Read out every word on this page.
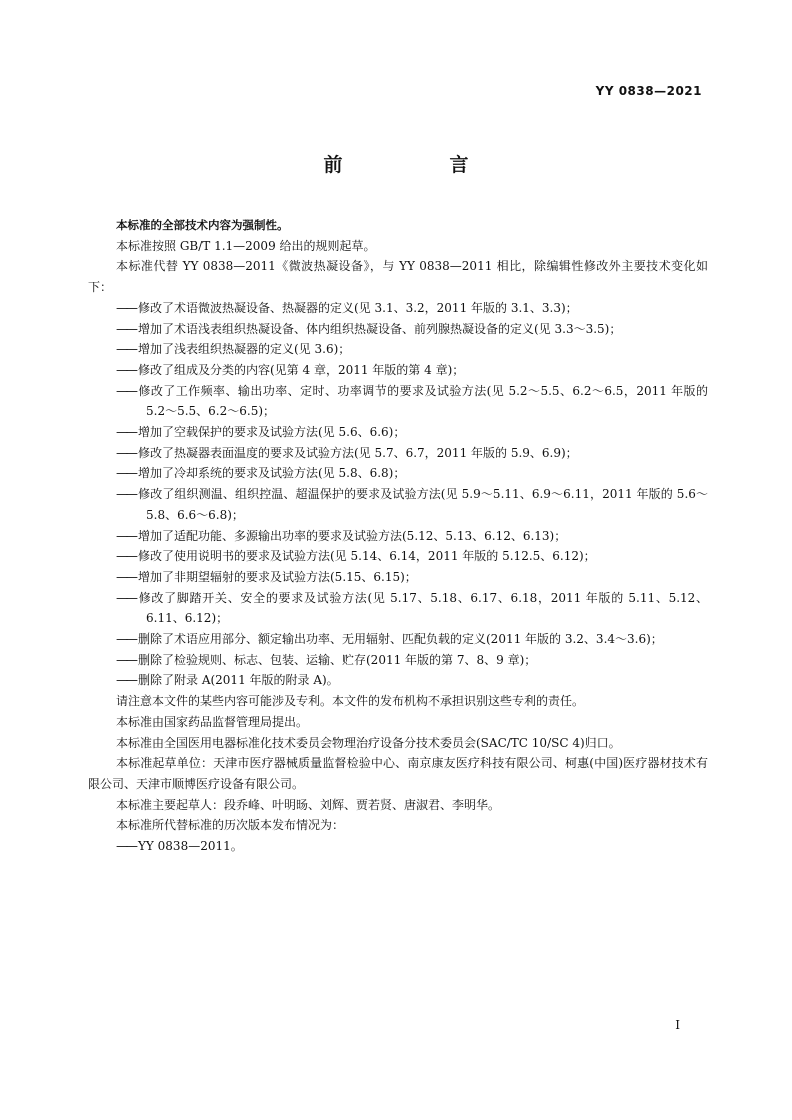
YY 0838—2021
前　言

本标准的全部技术内容为强制性。

本标准按照 GB/T 1.1—2009 给出的规则起草。

本标准代替 YY 0838—2011《微波热凝设备》，与 YY 0838—2011 相比，除编辑性修改外主要技术变化如下：

—— 修改了术语微波热凝设备、热凝器的定义(见 3.1、3.2，2011 年版的 3.1、3.3)；

—— 增加了术语浅表组织热凝设备、体内组织热凝设备、前列腺热凝设备的定义(见 3.3～3.5)；

—— 增加了浅表组织热凝器的定义(见 3.6)；

—— 修改了组成及分类的内容(见第 4 章，2011 年版的第 4 章)；

—— 修改了工作频率、输出功率、定时、功率调节的要求及试验方法(见 5.2～5.5、6.2～6.5，2011 年版的 5.2～5.5、6.2～6.5)；

—— 增加了空载保护的要求及试验方法(见 5.6、6.6)；

—— 修改了热凝器表面温度的要求及试验方法(见 5.7、6.7，2011 年版的 5.9、6.9)；

—— 增加了冷却系统的要求及试验方法(见 5.8、6.8)；

—— 修改了组织测温、组织控温、超温保护的要求及试验方法(见 5.9～5.11、6.9～6.11，2011 年版的 5.6～5.8、6.6～6.8)；

—— 增加了适配功能、多源输出功率的要求及试验方法(5.12、5.13、6.12、6.13)；

—— 修改了使用说明书的要求及试验方法(见 5.14、6.14，2011 年版的 5.12.5、6.12)；

—— 增加了非期望辐射的要求及试验方法(5.15、6.15)；

—— 修改了脚踏开关、安全的要求及试验方法(见 5.17、5.18、6.17、6.18，2011 年版的 5.11、5.12、6.11、6.12)；

—— 删除了术语应用部分、额定输出功率、无用辐射、匹配负载的定义(2011 年版的 3.2、3.4～3.6)；

—— 删除了检验规则、标志、包装、运输、贮存(2011 年版的第 7、8、9 章)；

—— 删除了附录 A(2011 年版的附录 A)。

请注意本文件的某些内容可能涉及专利。本文件的发布机构不承担识别这些专利的责任。

本标准由国家药品监督管理局提出。

本标准由全国医用电器标准化技术委员会物理治疗设备分技术委员会(SAC/TC 10/SC 4)归口。

本标准起草单位：天津市医疗器械质量监督检验中心、南京康友医疗科技有限公司、柯惠(中国)医疗器材技术有限公司、天津市顺博医疗设备有限公司。

本标准主要起草人：段乔峰、叶明旸、刘辉、贾若贤、唐淑君、李明华。

本标准所代替标准的历次版本发布情况为：

—— YY 0838—2011。

I
